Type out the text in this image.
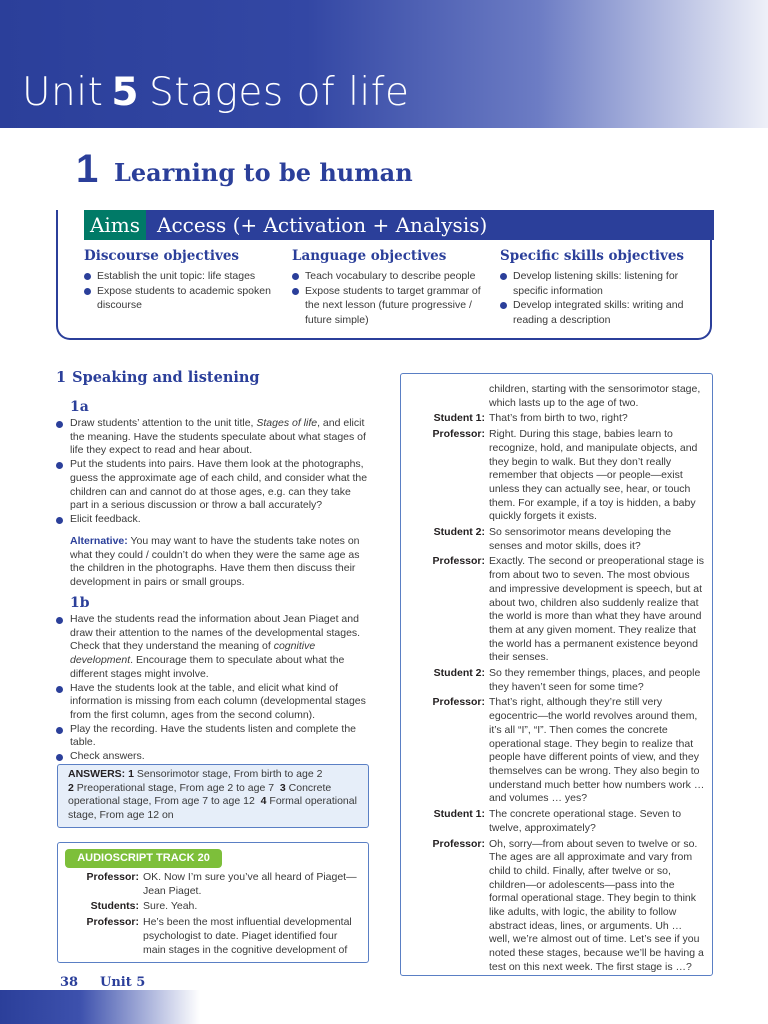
Unit 5 Stages of life
1 Learning to be human
Aims Access (+ Activation + Analysis)
Discourse objectives
Establish the unit topic: life stages
Expose students to academic spoken discourse
Language objectives
Teach vocabulary to describe people
Expose students to target grammar of the next lesson (future progressive / future simple)
Specific skills objectives
Develop listening skills: listening for specific information
Develop integrated skills: writing and reading a description
1 Speaking and listening
1a
Draw students’ attention to the unit title, Stages of life, and elicit the meaning. Have the students speculate about what stages of life they expect to read and hear about.
Put the students into pairs. Have them look at the photographs, guess the approximate age of each child, and consider what the children can and cannot do at those ages, e.g. can they take part in a serious discussion or throw a ball accurately?
Elicit feedback.
Alternative: You may want to have the students take notes on what they could / couldn’t do when they were the same age as the children in the photographs. Have them then discuss their development in pairs or small groups.
1b
Have the students read the information about Jean Piaget and draw their attention to the names of the developmental stages. Check that they understand the meaning of cognitive development. Encourage them to speculate about what the different stages might involve.
Have the students look at the table, and elicit what kind of information is missing from each column (developmental stages from the first column, ages from the second column).
Play the recording. Have the students listen and complete the table.
Check answers.
ANSWERS: 1 Sensorimotor stage, From birth to age 2
2 Preoperational stage, From age 2 to age 7 3 Concrete operational stage, From age 7 to age 12 4 Formal operational stage, From age 12 on
AUDIOSCRIPT TRACK 20
Professor: OK. Now I’m sure you’ve all heard of Piaget—Jean Piaget.
Students: Sure. Yeah.
Professor: He’s been the most influential developmental psychologist to date. Piaget identified four main stages in the cognitive development of
children, starting with the sensorimotor stage, which lasts up to the age of two.
Student 1: That’s from birth to two, right?
Professor: Right. During this stage, babies learn to recognize, hold, and manipulate objects, and they begin to walk. But they don’t really remember that objects —or people—exist unless they can actually see, hear, or touch them. For example, if a toy is hidden, a baby quickly forgets it exists.
Student 2: So sensorimotor means developing the senses and motor skills, does it?
Professor: Exactly. The second or preoperational stage is from about two to seven. The most obvious and impressive development is speech, but at about two, children also suddenly realize that the world is more than what they have around them at any given moment. They realize that the world has a permanent existence beyond their senses.
Student 2: So they remember things, places, and people they haven’t seen for some time?
Professor: That’s right, although they’re still very egocentric—the world revolves around them, it’s all “I”, “I”. Then comes the concrete operational stage. They begin to realize that people have different points of view, and they themselves can be wrong. They also begin to understand much better how numbers work … and volumes … yes?
Student 1: The concrete operational stage. Seven to twelve, approximately?
Professor: Oh, sorry—from about seven to twelve or so. The ages are all approximate and vary from child to child. Finally, after twelve or so, children—or adolescents—pass into the formal operational stage. They begin to think like adults, with logic, the ability to follow abstract ideas, lines, or arguments. Uh … well, we’re almost out of time. Let’s see if you noted these stages, because we’ll be having a test on this next week. The first stage is …?
38 Unit 5
